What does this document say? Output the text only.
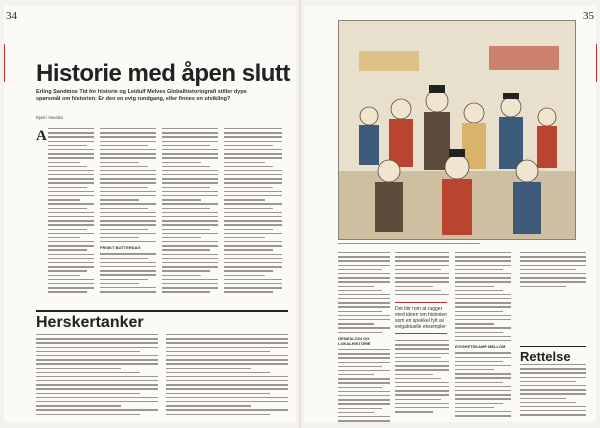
34	35
Historie med åpen slutt
Erling Sandmos Tid for historie og Leidulf Melves Globalhistoriografi stiller dype spørsmål om historien: Er den en evig rundgang, eller finnes en utvikling?
Bjørn Vassbø
A
FRISKT BUTTERDAG
Herskertanker
GENEALOGI OG LOKALHISTORIE
Det blir rom at rugger med ideen om historien som en spekkel fylt av evigaktuelle eksempler
EVIGHETSKAMP MELLOM
Rettelse
